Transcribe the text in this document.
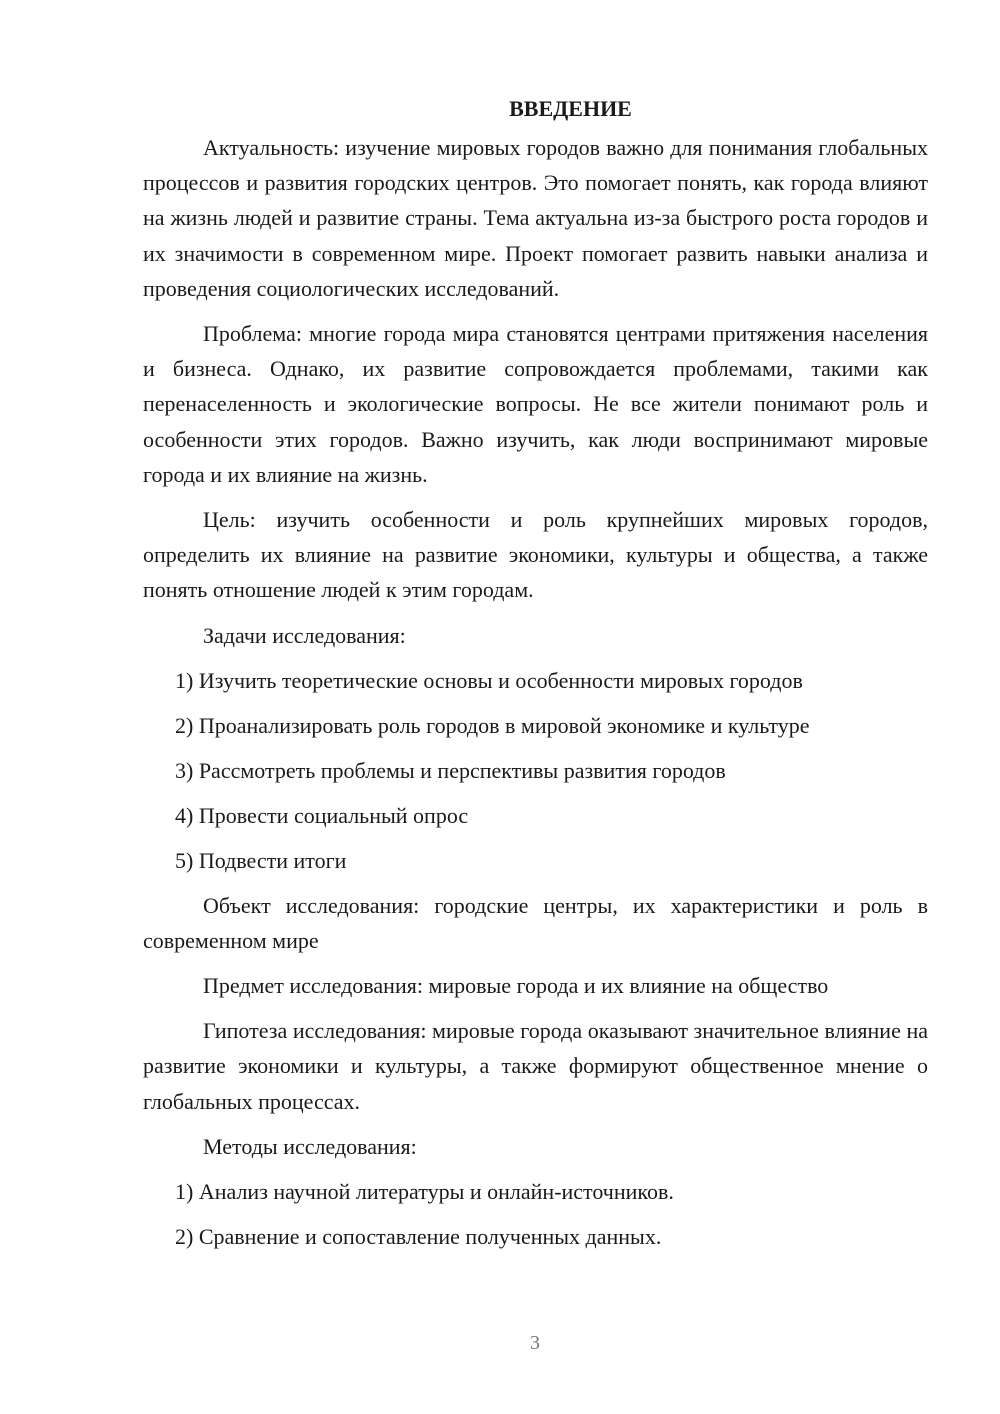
ВВЕДЕНИЕ

Актуальность: изучение мировых городов важно для понимания глобальных процессов и развития городских центров. Это помогает понять, как города влияют на жизнь людей и развитие страны. Тема актуальна из-за быстрого роста городов и их значимости в современном мире. Проект помогает развить навыки анализа и проведения социологических исследований.

Проблема: многие города мира становятся центрами притяжения населения и бизнеса. Однако, их развитие сопровождается проблемами, такими как перенаселенность и экологические вопросы. Не все жители понимают роль и особенности этих городов. Важно изучить, как люди воспринимают мировые города и их влияние на жизнь.

Цель: изучить особенности и роль крупнейших мировых городов, определить их влияние на развитие экономики, культуры и общества, а также понять отношение людей к этим городам.

Задачи исследования:
1) Изучить теоретические основы и особенности мировых городов
2) Проанализировать роль городов в мировой экономике и культуре
3) Рассмотреть проблемы и перспективы развития городов
4) Провести социальный опрос
5) Подвести итоги

Объект исследования: городские центры, их характеристики и роль в современном мире

Предмет исследования: мировые города и их влияние на общество

Гипотеза исследования: мировые города оказывают значительное влияние на развитие экономики и культуры, а также формируют общественное мнение о глобальных процессах.

Методы исследования:
1) Анализ научной литературы и онлайн-источников.
2) Сравнение и сопоставление полученных данных.
3
